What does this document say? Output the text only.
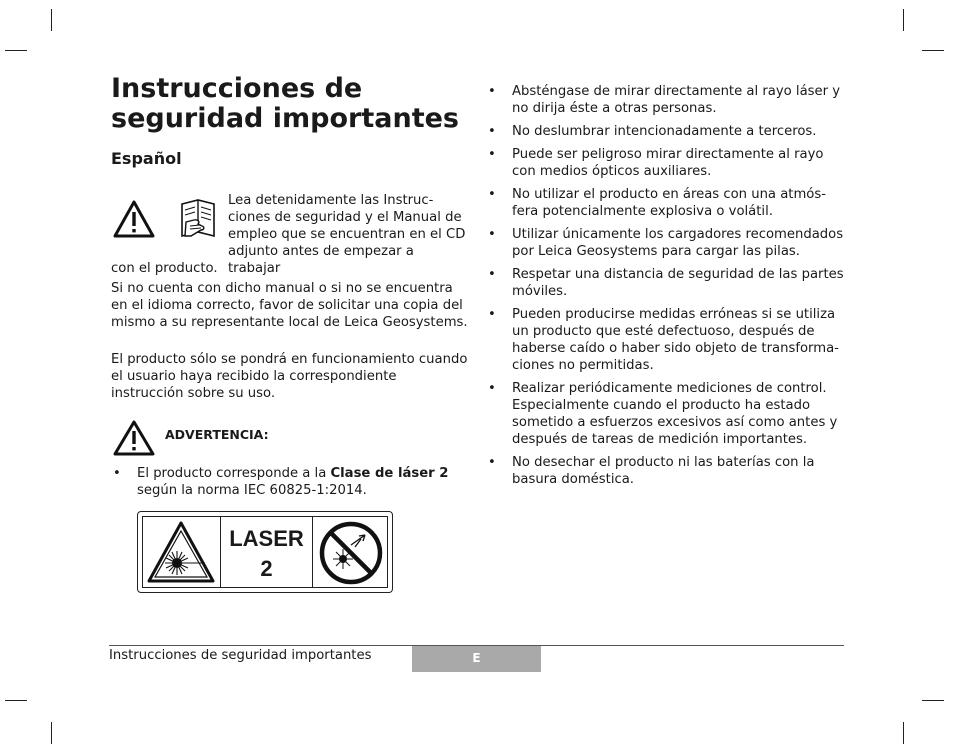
Instrucciones de seguridad importantes
Español

Lea detenidamente las Instruc-ciones de seguridad y el Manual de empleo que se encuentran en el CD adjunto antes de empezar a trabajar

con el producto.

Si no cuenta con dicho manual o si no se encuentra en el idioma correcto, favor de solicitar una copia del mismo a su representante local de Leica Geosystems.

El producto sólo se pondrá en funcionamiento cuando el usuario haya recibido la correspondiente instrucción sobre su uso.

ADVERTENCIA:

• El producto corresponde a la Clase de láser 2 según la norma IEC 60825-1:2014.

LASER
2

• Absténgase de mirar directamente al rayo láser y no dirija éste a otras personas.

• No deslumbrar intencionadamente a terceros.

• Puede ser peligroso mirar directamente al rayo con medios ópticos auxiliares.

• No utilizar el producto en áreas con una atmós-fera potencialmente explosiva o volátil.

• Utilizar únicamente los cargadores recomendados por Leica Geosystems para cargar las pilas.

• Respetar una distancia de seguridad de las partes móviles.

• Pueden producirse medidas erróneas si se utiliza un producto que esté defectuoso, después de haberse caído o haber sido objeto de transforma-ciones no permitidas.

• Realizar periódicamente mediciones de control. Especialmente cuando el producto ha estado sometido a esfuerzos excesivos así como antes y después de tareas de medición importantes.

• No desechar el producto ni las baterías con la basura doméstica.

Instrucciones de seguridad importantes	E
